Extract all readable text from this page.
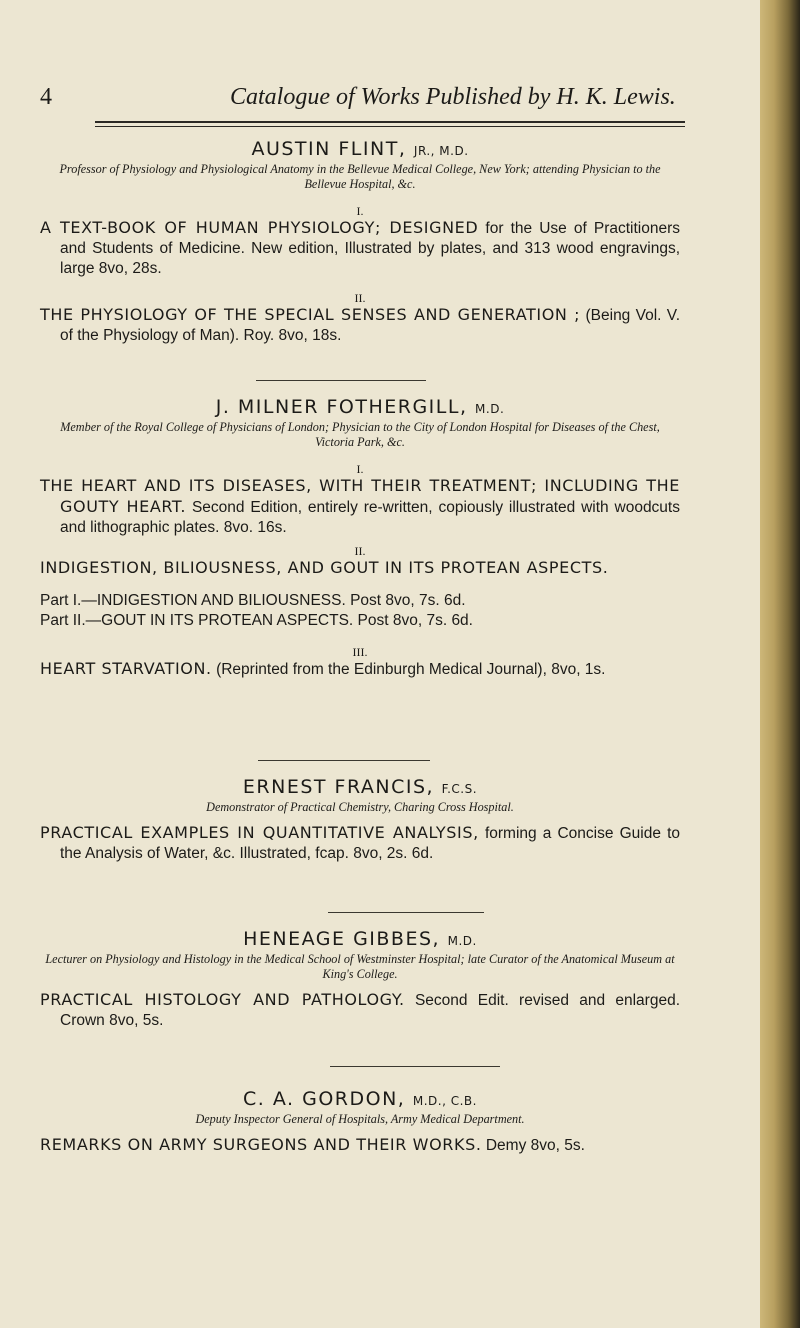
4	Catalogue of Works Published by H. K. Lewis.
AUSTIN FLINT, JR., M.D.
Professor of Physiology and Physiological Anatomy in the Bellevue Medical College, New York; attending Physician to the Bellevue Hospital, &c.
I.
A TEXT-BOOK OF HUMAN PHYSIOLOGY; DESIGNED for the Use of Practitioners and Students of Medicine. New edition, Illustrated by plates, and 313 wood engravings, large 8vo, 28s.
II.
THE PHYSIOLOGY OF THE SPECIAL SENSES AND GENERATION ; (Being Vol. V. of the Physiology of Man). Roy. 8vo, 18s.
J. MILNER FOTHERGILL, M.D.
Member of the Royal College of Physicians of London; Physician to the City of London Hospital for Diseases of the Chest, Victoria Park, &c.
I.
THE HEART AND ITS DISEASES, WITH THEIR TREATMENT; INCLUDING THE GOUTY HEART. Second Edition, entirely re-written, copiously illustrated with woodcuts and lithographic plates. 8vo. 16s.
II.
INDIGESTION, BILIOUSNESS, AND GOUT IN ITS PROTEAN ASPECTS.
Part I.—INDIGESTION AND BILIOUSNESS. Post 8vo, 7s. 6d.
Part II.—GOUT IN ITS PROTEAN ASPECTS. Post 8vo, 7s. 6d.
III.
HEART STARVATION. (Reprinted from the Edinburgh Medical Journal), 8vo, 1s.
ERNEST FRANCIS, F.C.S.
Demonstrator of Practical Chemistry, Charing Cross Hospital.
PRACTICAL EXAMPLES IN QUANTITATIVE ANALYSIS, forming a Concise Guide to the Analysis of Water, &c. Illustrated, fcap. 8vo, 2s. 6d.
HENEAGE GIBBES, M.D.
Lecturer on Physiology and Histology in the Medical School of Westminster Hospital; late Curator of the Anatomical Museum at King's College.
PRACTICAL HISTOLOGY AND PATHOLOGY. Second Edit. revised and enlarged. Crown 8vo, 5s.
C. A. GORDON, M.D., C.B.
Deputy Inspector General of Hospitals, Army Medical Department.
REMARKS ON ARMY SURGEONS AND THEIR WORKS. Demy 8vo, 5s.
